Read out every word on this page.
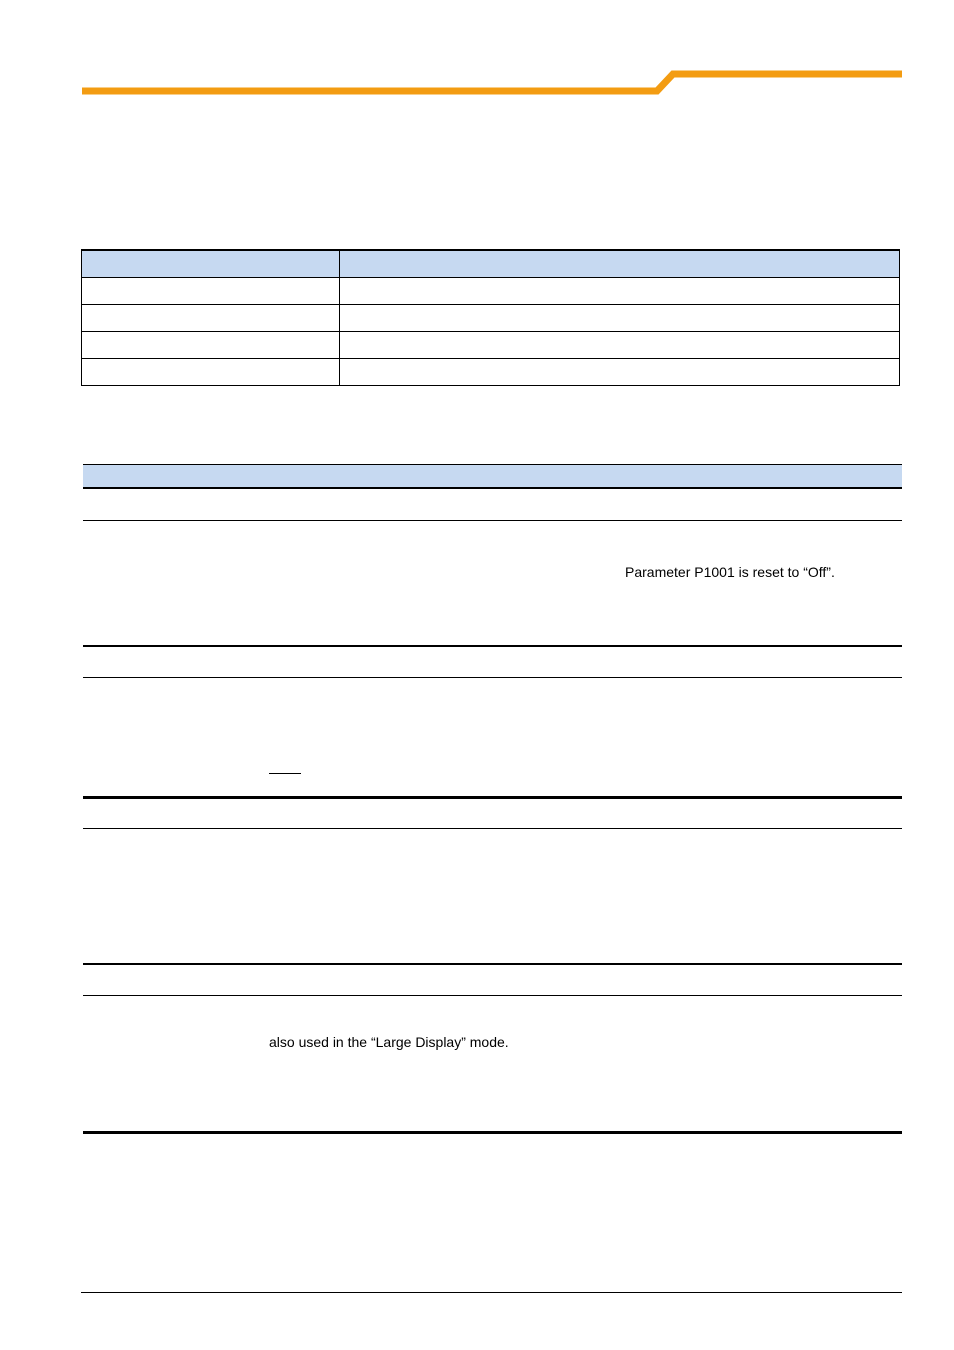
Parameter P1001 is reset to “Off”.
also used in the “Large Display” mode.
